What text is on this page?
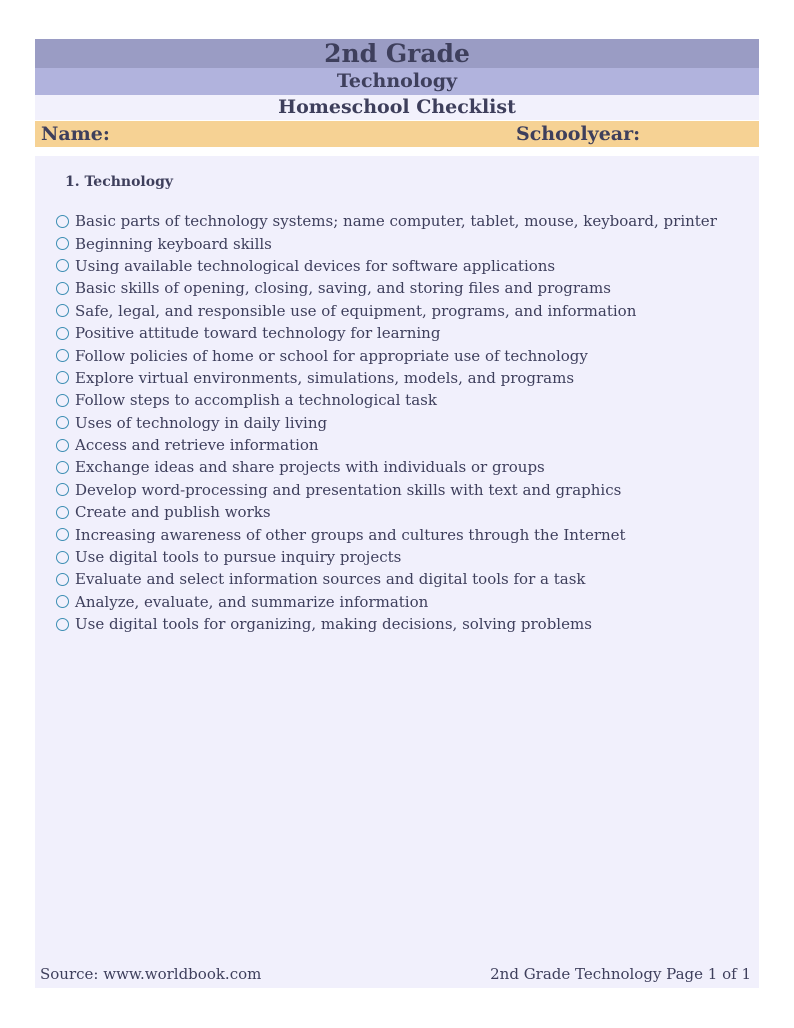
2nd Grade
Technology
Homeschool Checklist
Name:	Schoolyear:
1. Technology
Basic parts of technology systems; name computer, tablet, mouse, keyboard, printer
Beginning keyboard skills
Using available technological devices for software applications
Basic skills of opening, closing, saving, and storing files and programs
Safe, legal, and responsible use of equipment, programs, and information
Positive attitude toward technology for learning
Follow policies of home or school for appropriate use of technology
Explore virtual environments, simulations, models, and programs
Follow steps to accomplish a technological task
Uses of technology in daily living
Access and retrieve information
Exchange ideas and share projects with individuals or groups
Develop word-processing and presentation skills with text and graphics
Create and publish works
Increasing awareness of other groups and cultures through the Internet
Use digital tools to pursue inquiry projects
Evaluate and select information sources and digital tools for a task
Analyze, evaluate, and summarize information
Use digital tools for organizing, making decisions, solving problems
Source: www.worldbook.com	2nd Grade Technology Page 1 of 1
